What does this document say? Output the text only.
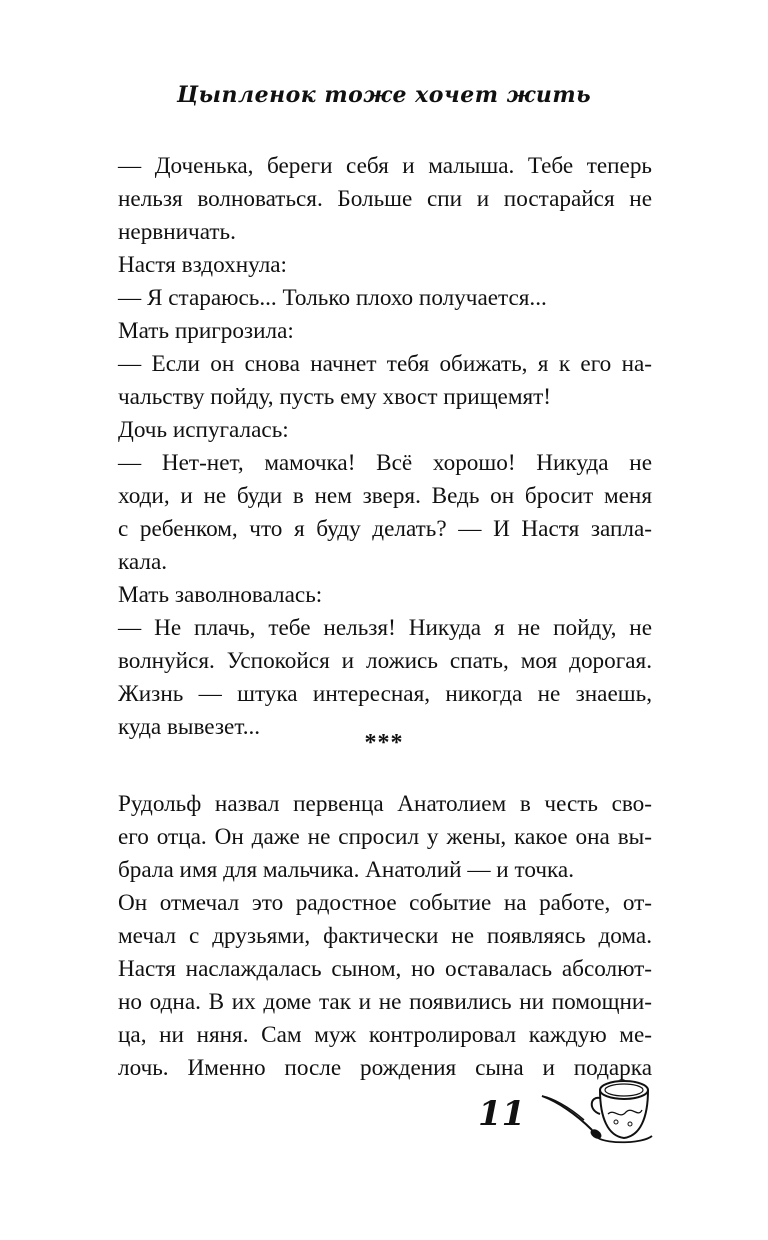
Цыпленок тоже хочет жить
— Доченька, береги себя и малыша. Тебе теперь
нельзя волноваться. Больше спи и постарайся не
нервничать.
Настя вздохнула:
— Я стараюсь... Только плохо получается...
Мать пригрозила:
— Если он снова начнет тебя обижать, я к его на-
чальству пойду, пусть ему хвост прищемят!
Дочь испугалась:
— Нет-нет, мамочка! Всё хорошо! Никуда не
ходи, и не буди в нем зверя. Ведь он бросит меня
с ребенком, что я буду делать? — И Настя запла-
кала.
Мать заволновалась:
— Не плачь, тебе нельзя! Никуда я не пойду, не
волнуйся. Успокойся и ложись спать, моя дорогая.
Жизнь — штука интересная, никогда не знаешь,
куда вывезет...
***
Рудольф назвал первенца Анатолием в честь сво-
его отца. Он даже не спросил у жены, какое она вы-
брала имя для мальчика. Анатолий — и точка.
Он отмечал это радостное событие на работе, от-
мечал с друзьями, фактически не появляясь дома.
Настя наслаждалась сыном, но оставалась абсолют-
но одна. В их доме так и не появились ни помощни-
ца, ни няня. Сам муж контролировал каждую ме-
лочь. Именно после рождения сына и подарка
11
